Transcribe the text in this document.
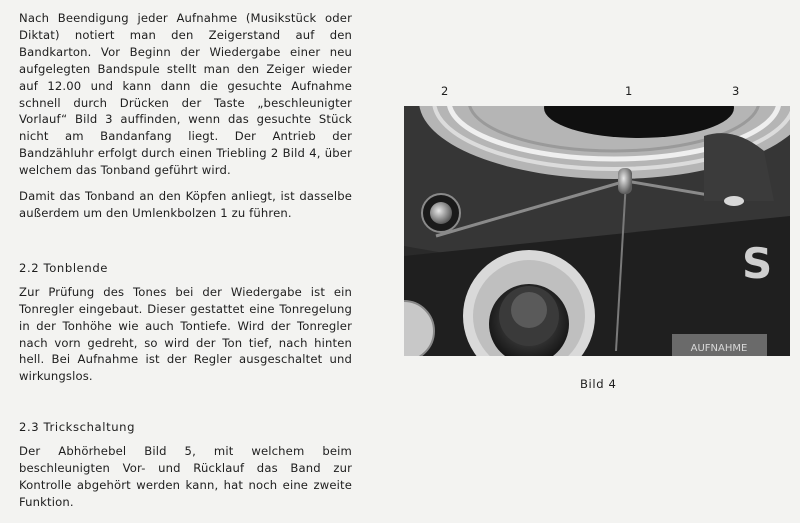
Nach Beendigung jeder Aufnahme (Musikstück oder Diktat) notiert man den Zeigerstand auf den Bandkarton. Vor Beginn der Wiedergabe einer neu aufgelegten Bandspule stellt man den Zeiger wieder auf 12.00 und kann dann die gesuchte Aufnahme schnell durch Drücken der Taste „beschleunigter Vorlauf“ Bild 3 auffinden, wenn das gesuchte Stück nicht am Bandanfang liegt. Der Antrieb der Bandzähluhr erfolgt durch einen Triebling 2 Bild 4, über welchem das Tonband geführt wird.

Damit das Tonband an den Köpfen anliegt, ist dasselbe außerdem um den Umlenkbolzen 1 zu führen.

2.2 Tonblende

Zur Prüfung des Tones bei der Wiedergabe ist ein Tonregler eingebaut. Dieser gestattet eine Tonregelung in der Tonhöhe wie auch Tontiefe. Wird der Tonregler nach vorn gedreht, so wird der Ton tief, nach hinten hell. Bei Aufnahme ist der Regler ausgeschaltet und wirkungslos.

2.3 Trickschaltung

Der Abhörhebel Bild 5, mit welchem beim beschleunigten Vor- und Rücklauf das Band zur Kontrolle abgehört werden kann, hat noch eine zweite Funktion.

2	1	3
S
AUFNAHME
Bild 4
